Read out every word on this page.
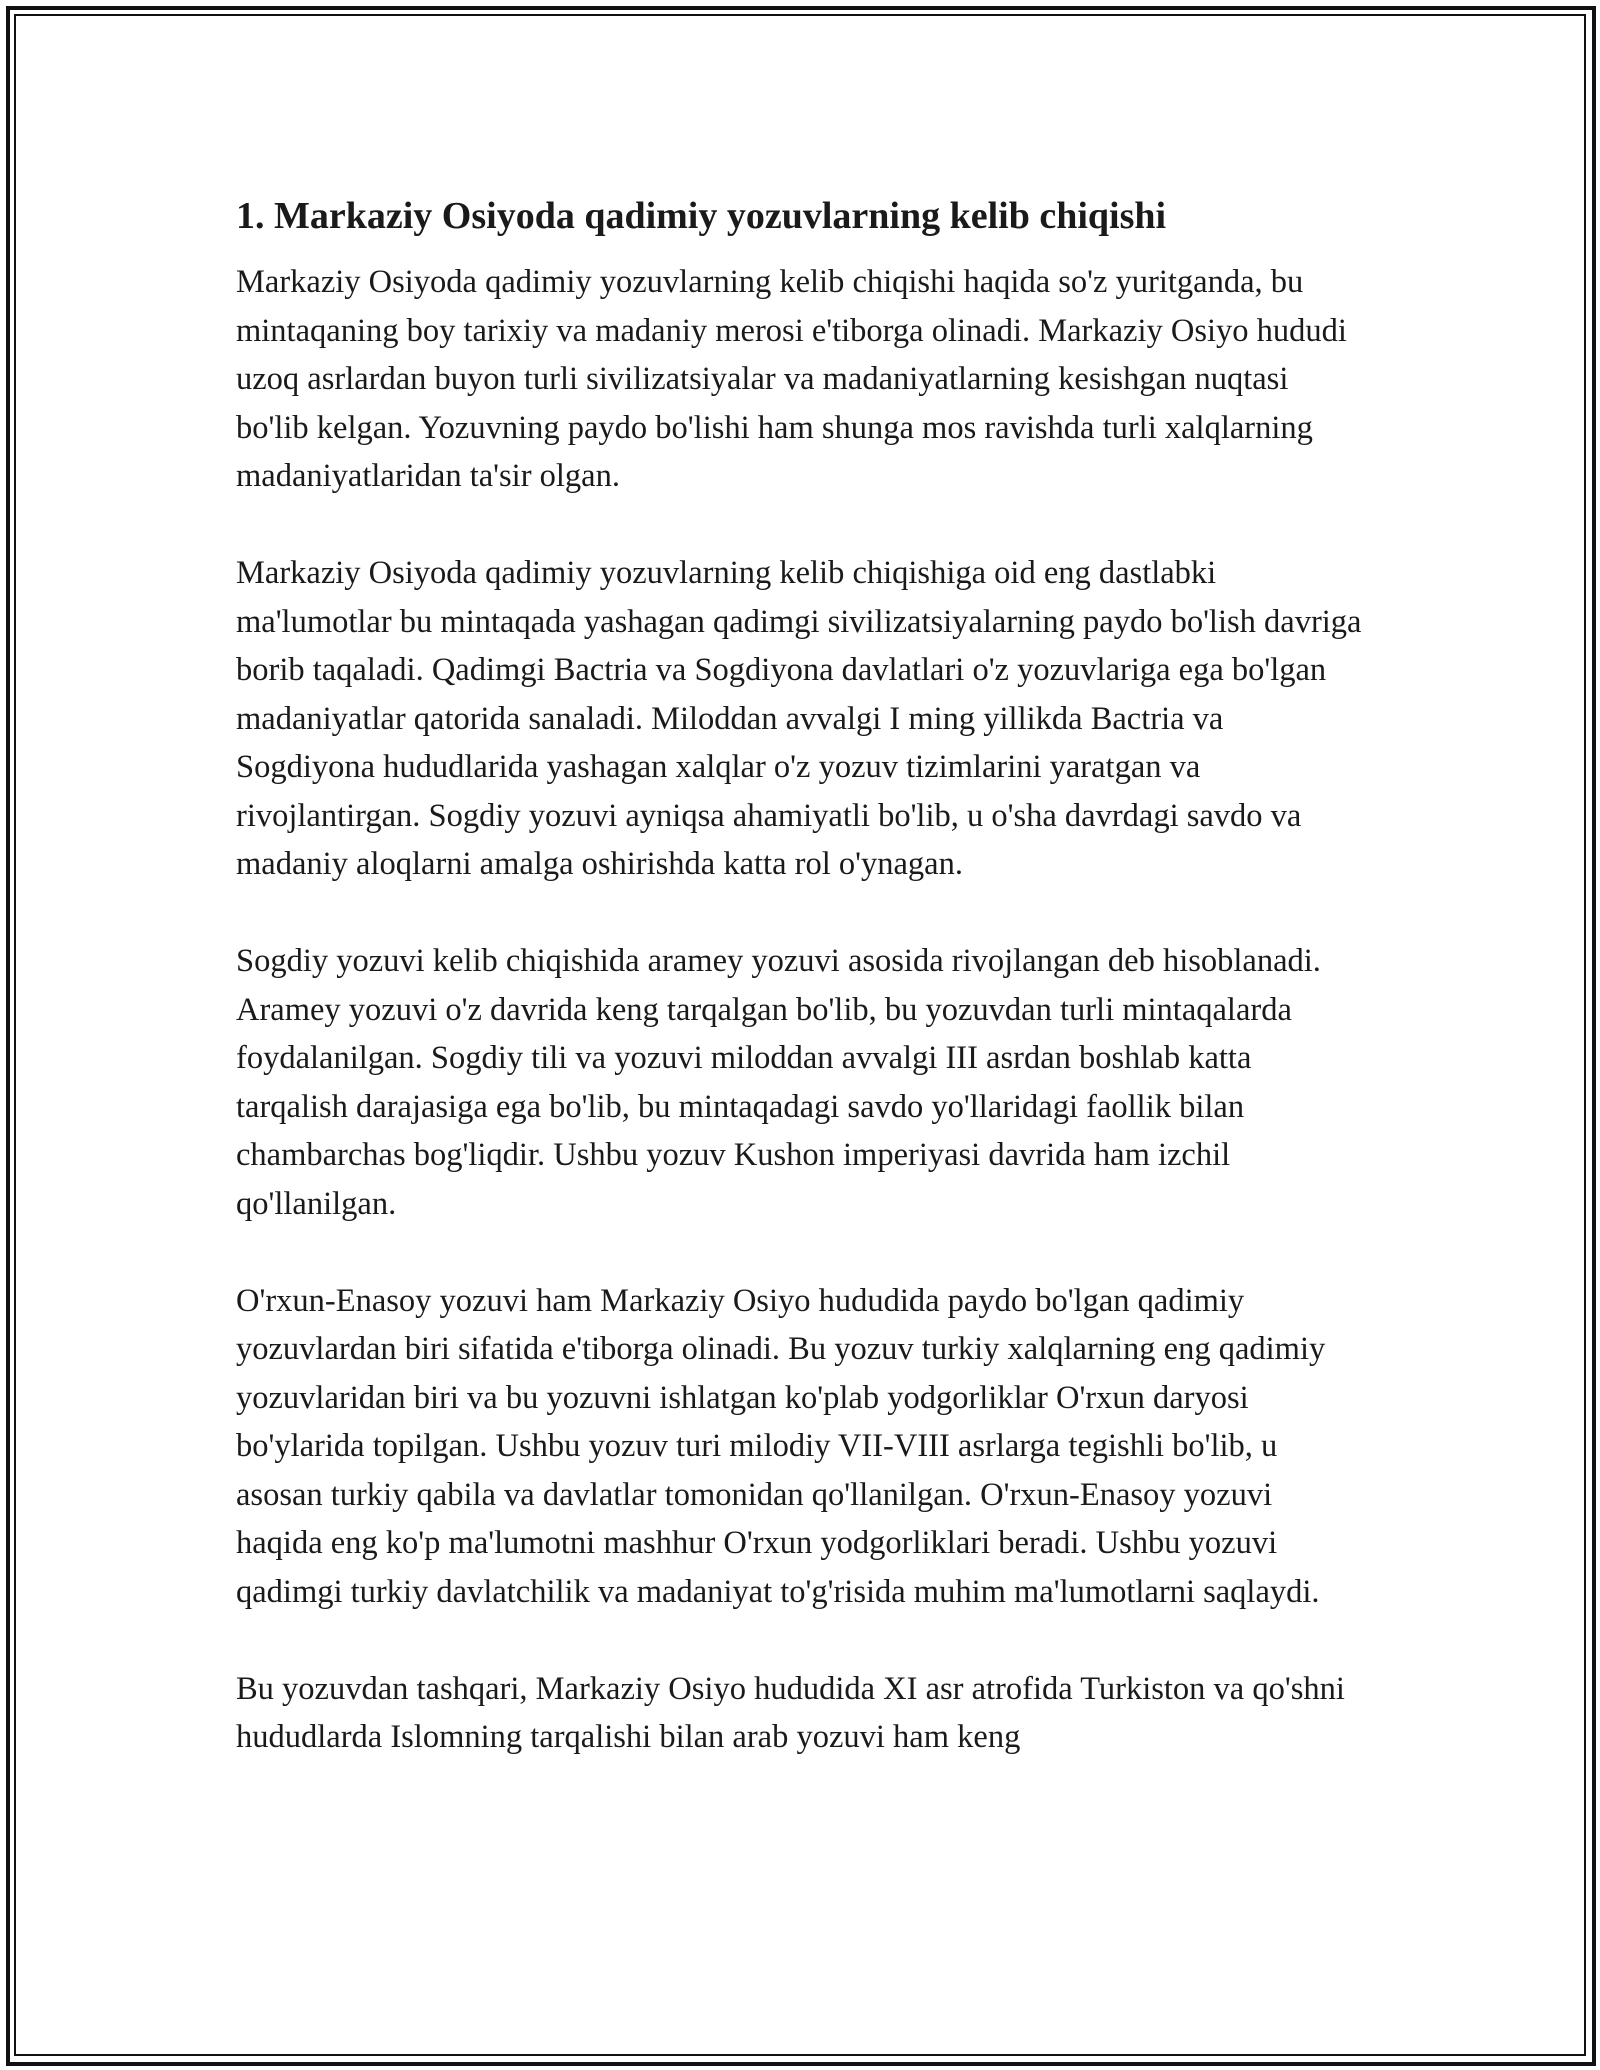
1. Markaziy Osiyoda qadimiy yozuvlarning kelib chiqishi

Markaziy Osiyoda qadimiy yozuvlarning kelib chiqishi haqida so'z yuritganda, bu mintaqaning boy tarixiy va madaniy merosi e'tiborga olinadi. Markaziy Osiyo hududi uzoq asrlardan buyon turli sivilizatsiyalar va madaniyatlarning kesishgan nuqtasi bo'lib kelgan. Yozuvning paydo bo'lishi ham shunga mos ravishda turli xalqlarning madaniyatlaridan ta'sir olgan.

Markaziy Osiyoda qadimiy yozuvlarning kelib chiqishiga oid eng dastlabki ma'lumotlar bu mintaqada yashagan qadimgi sivilizatsiyalarning paydo bo'lish davriga borib taqaladi. Qadimgi Bactria va Sogdiyona davlatlari o'z yozuvlariga ega bo'lgan madaniyatlar qatorida sanaladi. Miloddan avvalgi I ming yillikda Bactria va Sogdiyona hududlarida yashagan xalqlar o'z yozuv tizimlarini yaratgan va rivojlantirgan. Sogdiy yozuvi ayniqsa ahamiyatli bo'lib, u o'sha davrdagi savdo va madaniy aloqlarni amalga oshirishda katta rol o'ynagan.

Sogdiy yozuvi kelib chiqishida aramey yozuvi asosida rivojlangan deb hisoblanadi. Aramey yozuvi o'z davrida keng tarqalgan bo'lib, bu yozuvdan turli mintaqalarda foydalanilgan. Sogdiy tili va yozuvi miloddan avvalgi III asrdan boshlab katta tarqalish darajasiga ega bo'lib, bu mintaqadagi savdo yo'llaridagi faollik bilan chambarchas bog'liqdir. Ushbu yozuv Kushon imperiyasi davrida ham izchil qo'llanilgan.

O'rxun-Enasoy yozuvi ham Markaziy Osiyo hududida paydo bo'lgan qadimiy yozuvlardan biri sifatida e'tiborga olinadi. Bu yozuv turkiy xalqlarning eng qadimiy yozuvlaridan biri va bu yozuvni ishlatgan ko'plab yodgorliklar O'rxun daryosi bo'ylarida topilgan. Ushbu yozuv turi milodiy VII-VIII asrlarga tegishli bo'lib, u asosan turkiy qabila va davlatlar tomonidan qo'llanilgan. O'rxun-Enasoy yozuvi haqida eng ko'p ma'lumotni mashhur O'rxun yodgorliklari beradi. Ushbu yozuvi qadimgi turkiy davlatchilik va madaniyat to'g'risida muhim ma'lumotlarni saqlaydi.

Bu yozuvdan tashqari, Markaziy Osiyo hududida XI asr atrofida Turkiston va qo'shni hududlarda Islomning tarqalishi bilan arab yozuvi ham keng
